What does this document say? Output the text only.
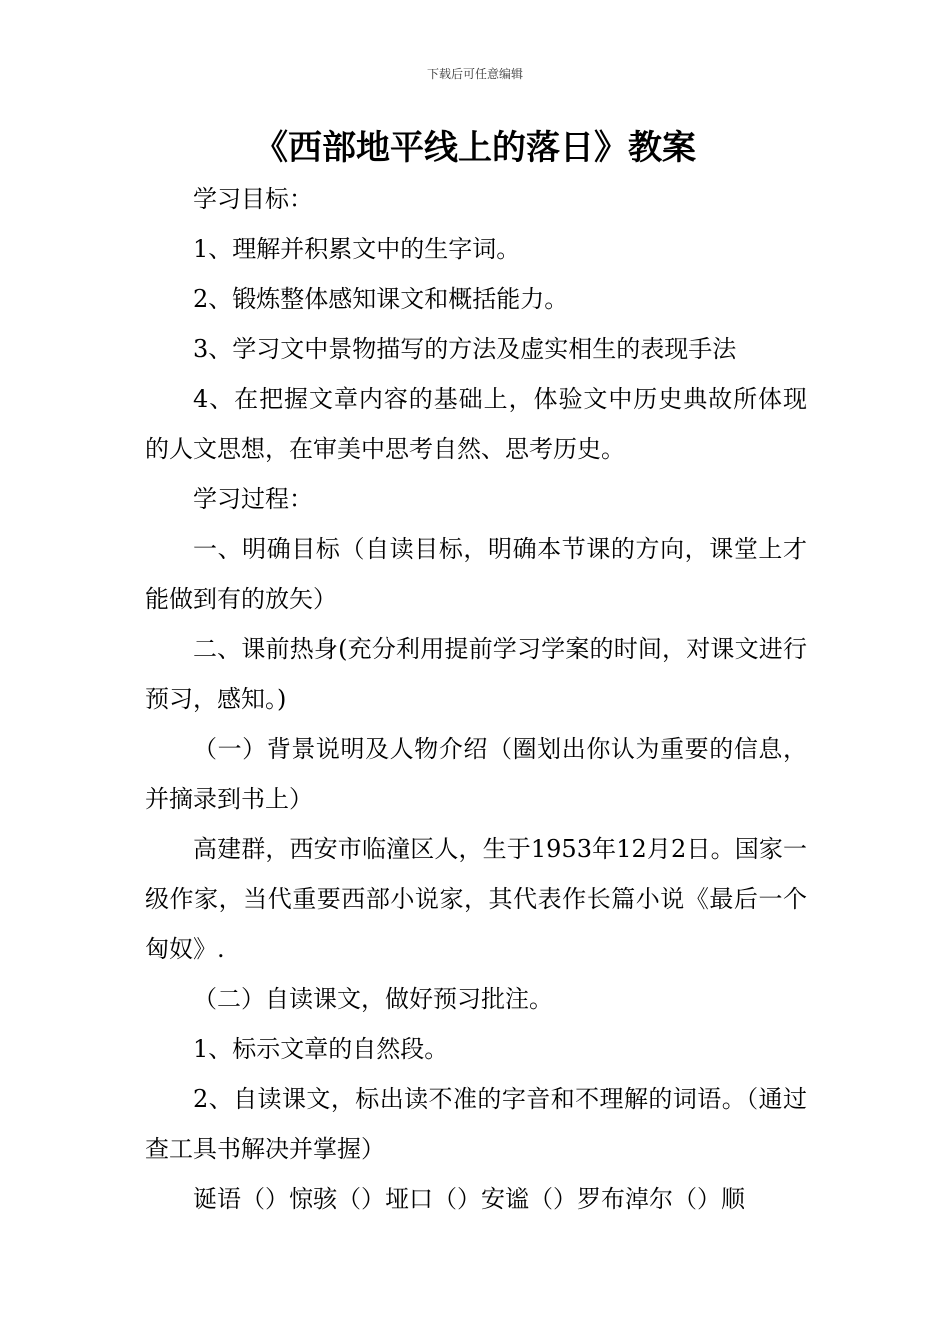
下载后可任意编辑
《西部地平线上的落日》教案

学习目标：

1、理解并积累文中的生字词。

2、锻炼整体感知课文和概括能力。

3、学习文中景物描写的方法及虚实相生的表现手法

4、在把握文章内容的基础上，体验文中历史典故所体现的人文思想，在审美中思考自然、思考历史。

学习过程：

一、明确目标（自读目标，明确本节课的方向，课堂上才能做到有的放矢）

二、课前热身(充分利用提前学习学案的时间，对课文进行预习，感知。)

（一）背景说明及人物介绍（圈划出你认为重要的信息，并摘录到书上）

高建群，西安市临潼区人，生于1953年12月2日。国家一级作家，当代重要西部小说家，其代表作长篇小说《最后一个匈奴》.

（二）自读课文，做好预习批注。

1、标示文章的自然段。

2、自读课文，标出读不准的字音和不理解的词语。（通过查工具书解决并掌握）

诞语（）惊骇（）垭口（）安谧（）罗布淖尔（）顺
